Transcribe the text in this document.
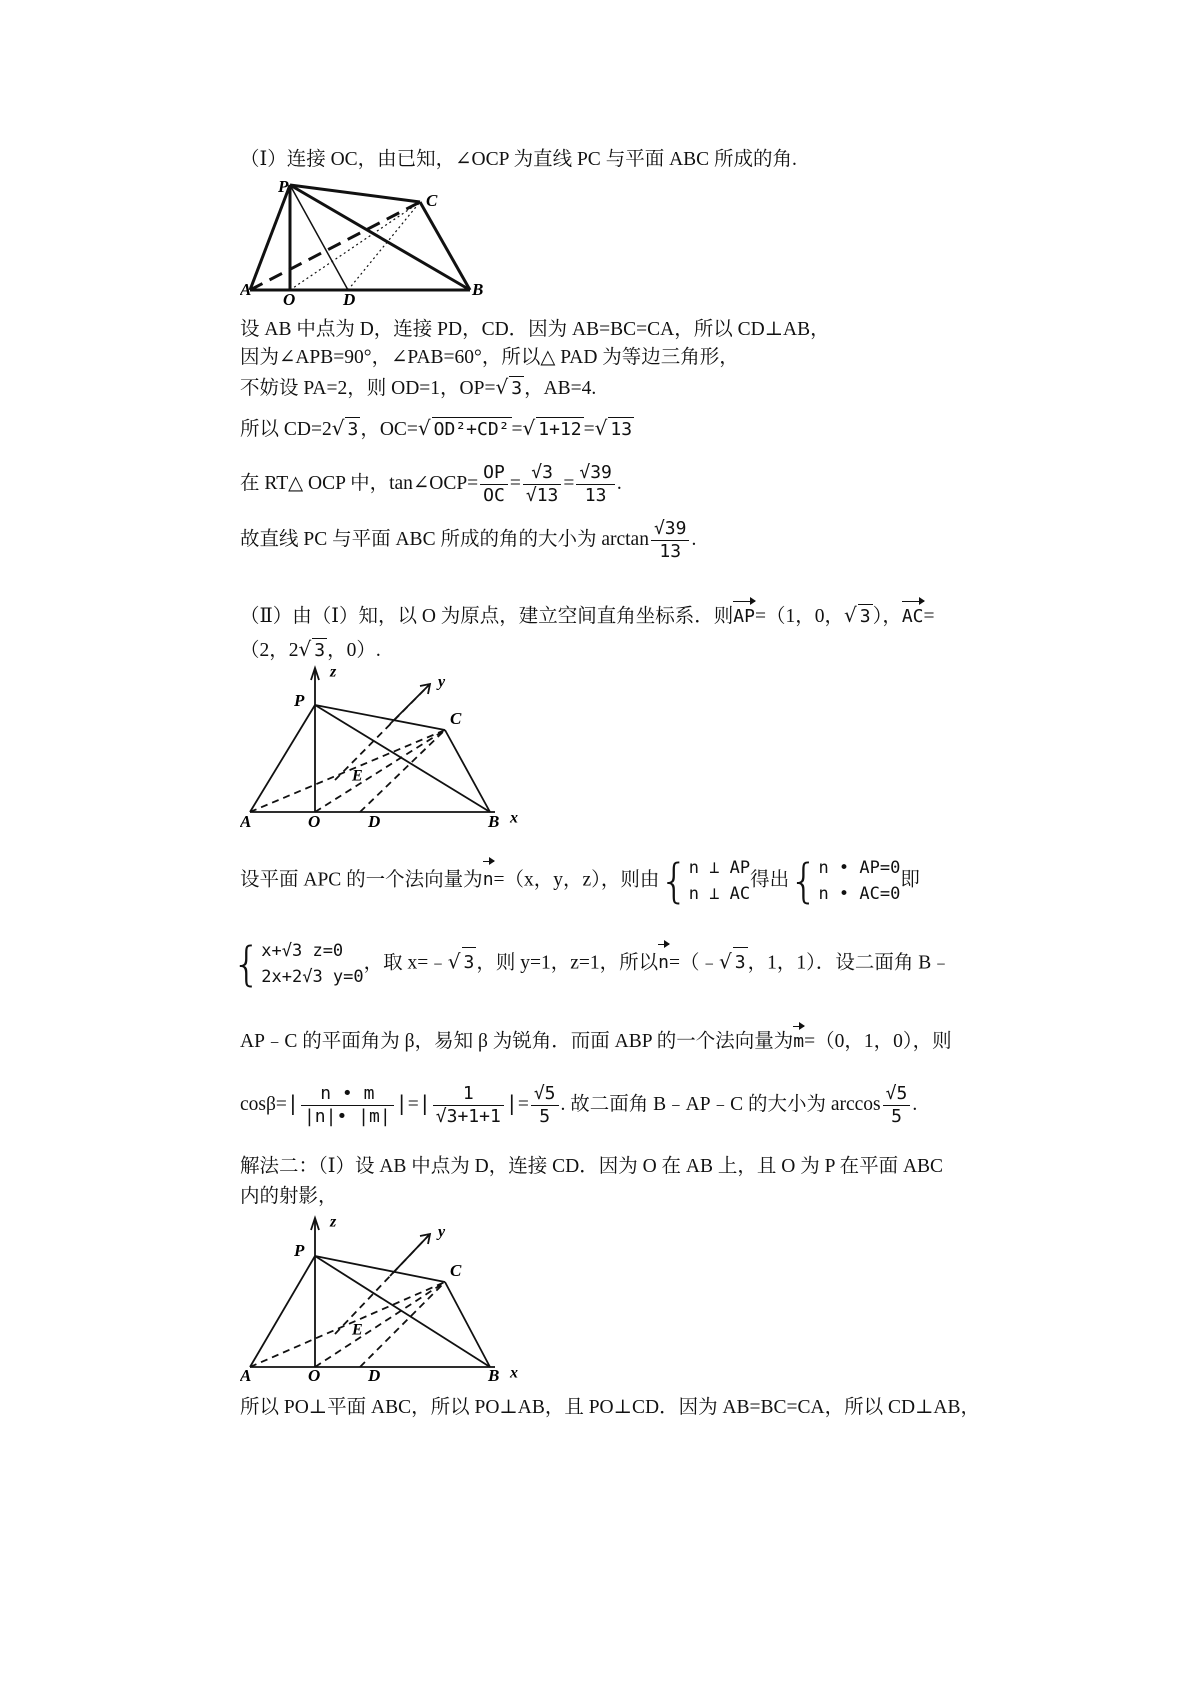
（Ⅰ）连接 OC，由已知，∠OCP 为直线 PC 与平面 ABC 所成的角.
P
C
A
O	D
B
设 AB 中点为 D，连接 PD，CD．因为 AB=BC=CA，所以 CD⊥AB，
因为∠APB=90°，∠PAB=60°，所以△ PAD 为等边三角形，
不妨设 PA=2，则 OD=1，OP=√ 3 ，AB=4.
所以 CD=2√ 3 ，OC=√ OD²+CD² =√ 1+12 =√ 13
在 RT△ OCP 中，tan∠OCP= $\frac{OP}{OC} = \frac{√3}{√13} = \frac{√39}{13}$ .
故直线 PC 与平面 ABC 所成的角的大小为 $\arctan \frac{√39}{13}$ .
（Ⅱ）由（Ⅰ）知，以 O 为原点，建立空间直角坐标系．则AP=（1，0，√ 3 ），AC=
（2，2√ 3 ，0）.
z
y
P
C
E
A	O	D	B x
设平面 APC 的一个法向量为n=（x，y，z），则由{n ⊥ AP
n ⊥ AC得出{n • AP=0
n • AC=0即
{x+√3 z=0
2x+2√3 y=0，取 x=﹣√ 3 ，则 y=1，z=1，所以n=（﹣√ 3 ，1，1）．设二面角 B﹣
AP﹣C 的平面角为 β，易知 β 为锐角．而面 ABP 的一个法向量为m=（0，1，0），则
$\cos\beta=| \frac{n • m}{|n|• |m|}$ |=| $\frac{1}{√3+1+1}$ |= $\frac{√5}{5}$ . 故二面角 B﹣AP﹣C 的大小为 $\arccos \frac{√5}{5}$ .
解法二：（Ⅰ）设 AB 中点为 D，连接 CD．因为 O 在 AB 上，且 O 为 P 在平面 ABC
内的射影，
z
y
P
C
E
A	O	D	B x
所以 PO⊥平面 ABC，所以 PO⊥AB，且 PO⊥CD．因为 AB=BC=CA，所以 CD⊥AB，
